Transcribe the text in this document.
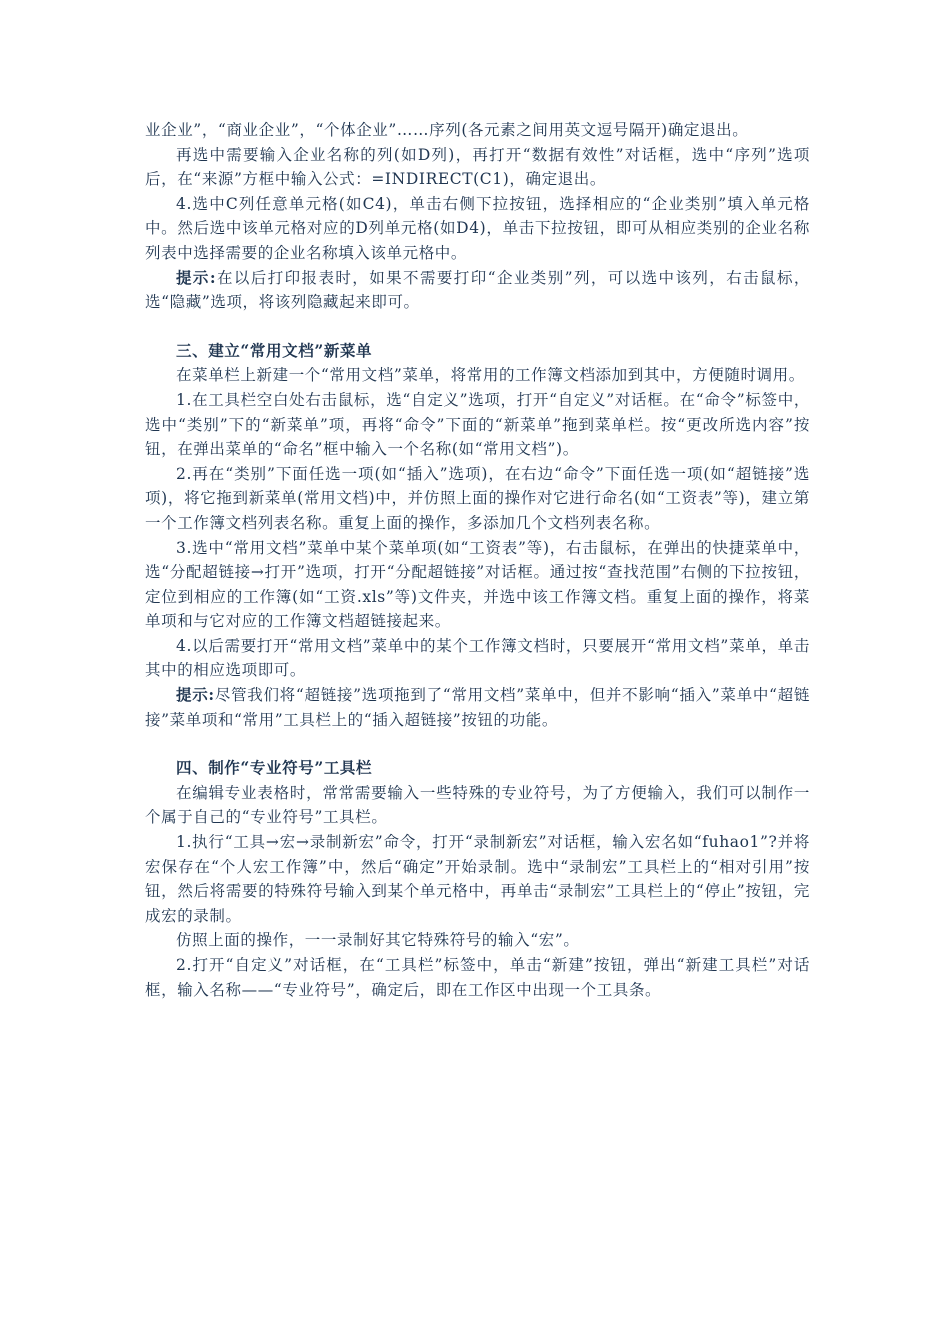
业企业”，“商业企业”，“个体企业”……序列(各元素之间用英文逗号隔开)确定退出。

再选中需要输入企业名称的列(如D列)，再打开“数据有效性”对话框，选中“序列”选项后，在“来源”方框中输入公式：=INDIRECT(C1)，确定退出。

4.选中C列任意单元格(如C4)，单击右侧下拉按钮，选择相应的“企业类别”填入单元格中。然后选中该单元格对应的D列单元格(如D4)，单击下拉按钮，即可从相应类别的企业名称列表中选择需要的企业名称填入该单元格中。

提示:在以后打印报表时，如果不需要打印“企业类别”列，可以选中该列，右击鼠标，选“隐藏”选项，将该列隐藏起来即可。

三、建立“常用文档”新菜单

在菜单栏上新建一个“常用文档”菜单，将常用的工作簿文档添加到其中，方便随时调用。

1.在工具栏空白处右击鼠标，选“自定义”选项，打开“自定义”对话框。在“命令”标签中，选中“类别”下的“新菜单”项，再将“命令”下面的“新菜单”拖到菜单栏。按“更改所选内容”按钮，在弹出菜单的“命名”框中输入一个名称(如“常用文档”)。

2.再在“类别”下面任选一项(如“插入”选项)，在右边“命令”下面任选一项(如“超链接”选项)，将它拖到新菜单(常用文档)中，并仿照上面的操作对它进行命名(如“工资表”等)，建立第一个工作簿文档列表名称。重复上面的操作，多添加几个文档列表名称。

3.选中“常用文档”菜单中某个菜单项(如“工资表”等)，右击鼠标，在弹出的快捷菜单中，选“分配超链接→打开”选项，打开“分配超链接”对话框。通过按“查找范围”右侧的下拉按钮，定位到相应的工作簿(如“工资.xls”等)文件夹，并选中该工作簿文档。重复上面的操作，将菜单项和与它对应的工作簿文档超链接起来。

4.以后需要打开“常用文档”菜单中的某个工作簿文档时，只要展开“常用文档”菜单，单击其中的相应选项即可。

提示:尽管我们将“超链接”选项拖到了“常用文档”菜单中，但并不影响“插入”菜单中“超链接”菜单项和“常用”工具栏上的“插入超链接”按钮的功能。

四、制作“专业符号”工具栏

在编辑专业表格时，常常需要输入一些特殊的专业符号，为了方便输入，我们可以制作一个属于自己的“专业符号”工具栏。

1.执行“工具→宏→录制新宏”命令，打开“录制新宏”对话框，输入宏名如“fuhao1”?并将宏保存在“个人宏工作簿”中，然后“确定”开始录制。选中“录制宏”工具栏上的“相对引用”按钮，然后将需要的特殊符号输入到某个单元格中，再单击“录制宏”工具栏上的“停止”按钮，完成宏的录制。

仿照上面的操作，一一录制好其它特殊符号的输入“宏”。

2.打开“自定义”对话框，在“工具栏”标签中，单击“新建”按钮，弹出“新建工具栏”对话框，输入名称——“专业符号”，确定后，即在工作区中出现一个工具条。
